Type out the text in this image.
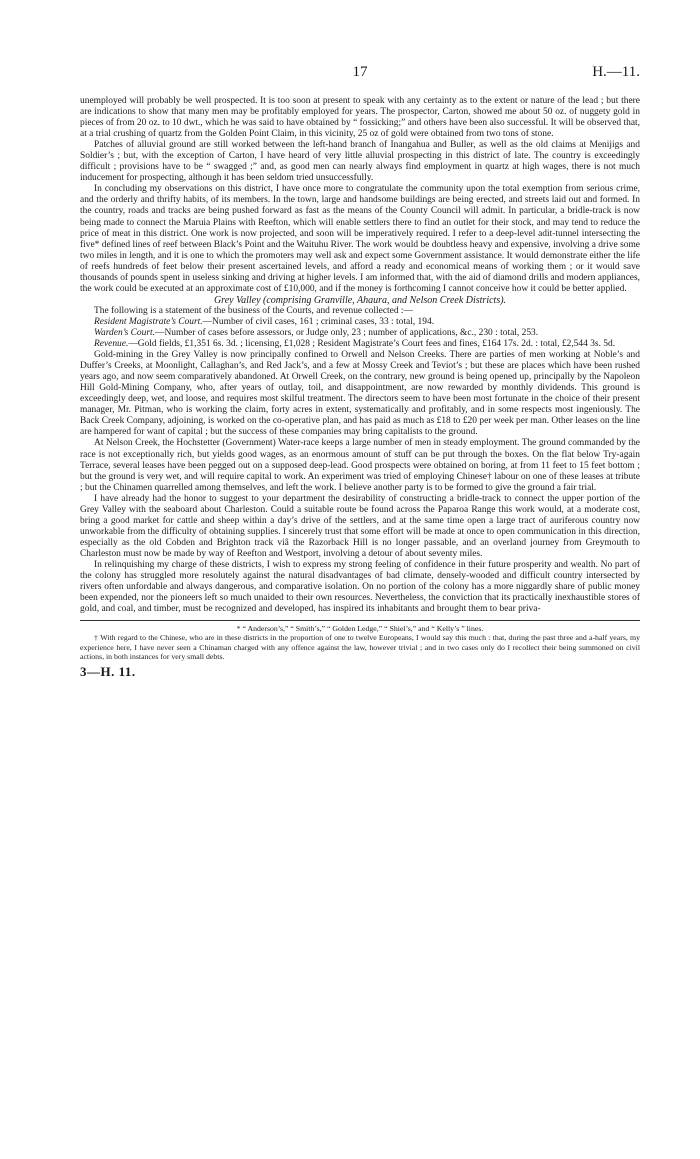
17	H.—11.

unemployed will probably be well prospected. It is too soon at present to speak with any certainty as to the extent or nature of the lead ; but there are indications to show that many men may be profitably employed for years. The prospector, Carton, showed me about 50 oz. of nuggety gold in pieces of from 20 oz. to 10 dwt., which he was said to have obtained by “ fossicking;” and others have been also successful. It will be observed that, at a trial crushing of quartz from the Golden Point Claim, in this vicinity, 25 oz of gold were obtained from two tons of stone.

Patches of alluvial ground are still worked between the left-hand branch of Inangahua and Buller, as well as the old claims at Menijigs and Soldier’s ; but, with the exception of Carton, I have heard of very little alluvial prospecting in this district of late. The country is exceedingly difficult ; provisions have to be “ swagged ;” and, as good men can nearly always find employment in quartz at high wages, there is not much inducement for prospecting, although it has been seldom tried unsuccessfully.

In concluding my observations on this district, I have once more to congratulate the community upon the total exemption from serious crime, and the orderly and thrifty habits, of its members. In the town, large and handsome buildings are being erected, and streets laid out and formed. In the country, roads and tracks are being pushed forward as fast as the means of the County Council will admit. In particular, a bridle-track is now being made to connect the Maruia Plains with Reefton, which will enable settlers there to find an outlet for their stock, and may tend to reduce the price of meat in this district. One work is now projected, and soon will be imperatively required. I refer to a deep-level adit-tunnel intersecting the five* defined lines of reef between Black’s Point and the Waituhu River. The work would be doubtless heavy and expensive, involving a drive some two miles in length, and it is one to which the promoters may well ask and expect some Government assistance. It would demonstrate either the life of reefs hundreds of feet below their present ascertained levels, and afford a ready and economical means of working them ; or it would save thousands of pounds spent in useless sinking and driving at higher levels. I am informed that, with the aid of diamond drills and modern appliances, the work could be executed at an approximate cost of £10,000, and if the money is forthcoming I cannot conceive how it could be better applied.

Grey Valley (comprising Granville, Ahaura, and Nelson Creek Districts).

The following is a statement of the business of the Courts, and revenue collected :—

Resident Magistrate’s Court.—Number of civil cases, 161 ; criminal cases, 33 : total, 194.

Warden’s Court.—Number of cases before assessors, or Judge only, 23 ; number of applications, &c., 230 : total, 253.

Revenue.—Gold fields, £1,351 6s. 3d. ; licensing, £1,028 ; Resident Magistrate’s Court fees and fines, £164 17s. 2d. : total, £2,544 3s. 5d.

Gold-mining in the Grey Valley is now principally confined to Orwell and Nelson Creeks. There are parties of men working at Noble’s and Duffer’s Creeks, at Moonlight, Callaghan’s, and Red Jack’s, and a few at Mossy Creek and Teviot’s ; but these are places which have been rushed years ago, and now seem comparatively abandoned. At Orwell Creek, on the contrary, new ground is being opened up, principally by the Napoleon Hill Gold-Mining Company, who, after years of outlay, toil, and disappointment, are now rewarded by monthly dividends. This ground is exceedingly deep, wet, and loose, and requires most skilful treatment. The directors seem to have been most fortunate in the choice of their present manager, Mr. Pitman, who is working the claim, forty acres in extent, systematically and profitably, and in some respects most ingeniously. The Back Creek Company, adjoining, is worked on the co-operative plan, and has paid as much as £18 to £20 per week per man. Other leases on the line are hampered for want of capital ; but the success of these companies may bring capitalists to the ground.

At Nelson Creek, the Hochstetter (Government) Water-race keeps a large number of men in steady employment. The ground commanded by the race is not exceptionally rich, but yields good wages, as an enormous amount of stuff can be put through the boxes. On the flat below Try-again Terrace, several leases have been pegged out on a supposed deep-lead. Good prospects were obtained on boring, at from 11 feet to 15 feet bottom ; but the ground is very wet, and will require capital to work. An experiment was tried of employing Chinese† labour on one of these leases at tribute ; but the Chinamen quarrelled among themselves, and left the work. I believe another party is to be formed to give the ground a fair trial.

I have already had the honor to suggest to your department the desirability of constructing a bridle-track to connect the upper portion of the Grey Valley with the seaboard about Charleston. Could a suitable route be found across the Paparoa Range this work would, at a moderate cost, bring a good market for cattle and sheep within a day’s drive of the settlers, and at the same time open a large tract of auriferous country now unworkable from the difficulty of obtaining supplies. I sincerely trust that some effort will be made at once to open communication in this direction, especially as the old Cobden and Brighton track viâ the Razorback Hill is no longer passable, and an overland journey from Greymouth to Charleston must now be made by way of Reefton and Westport, involving a detour of about seventy miles.

In relinquishing my charge of these districts, I wish to express my strong feeling of confidence in their future prosperity and wealth. No part of the colony has struggled more resolutely against the natural disadvantages of bad climate, densely-wooded and difficult country intersected by rivers often unfordable and always dangerous, and comparative isolation. On no portion of the colony has a more niggardly share of public money been expended, nor the pioneers left so much unaided to their own resources. Nevertheless, the conviction that its practically inexhaustible stores of gold, and coal, and timber, must be recognized and developed, has inspired its inhabitants and brought them to bear priva-

* “ Anderson’s,” “ Smith’s,” “ Golden Ledge,” “ Shiel’s,” and “ Kelly’s ” lines.

† With regard to the Chinese, who are in these districts in the proportion of one to twelve Europeans, I would say this much : that, during the past three and a-half years, my experience here, I have never seen a Chinaman charged with any offence against the law, however trivial ; and in two cases only do I recollect their being summoned on civil actions, in both instances for very small debts.

3—H. 11.
